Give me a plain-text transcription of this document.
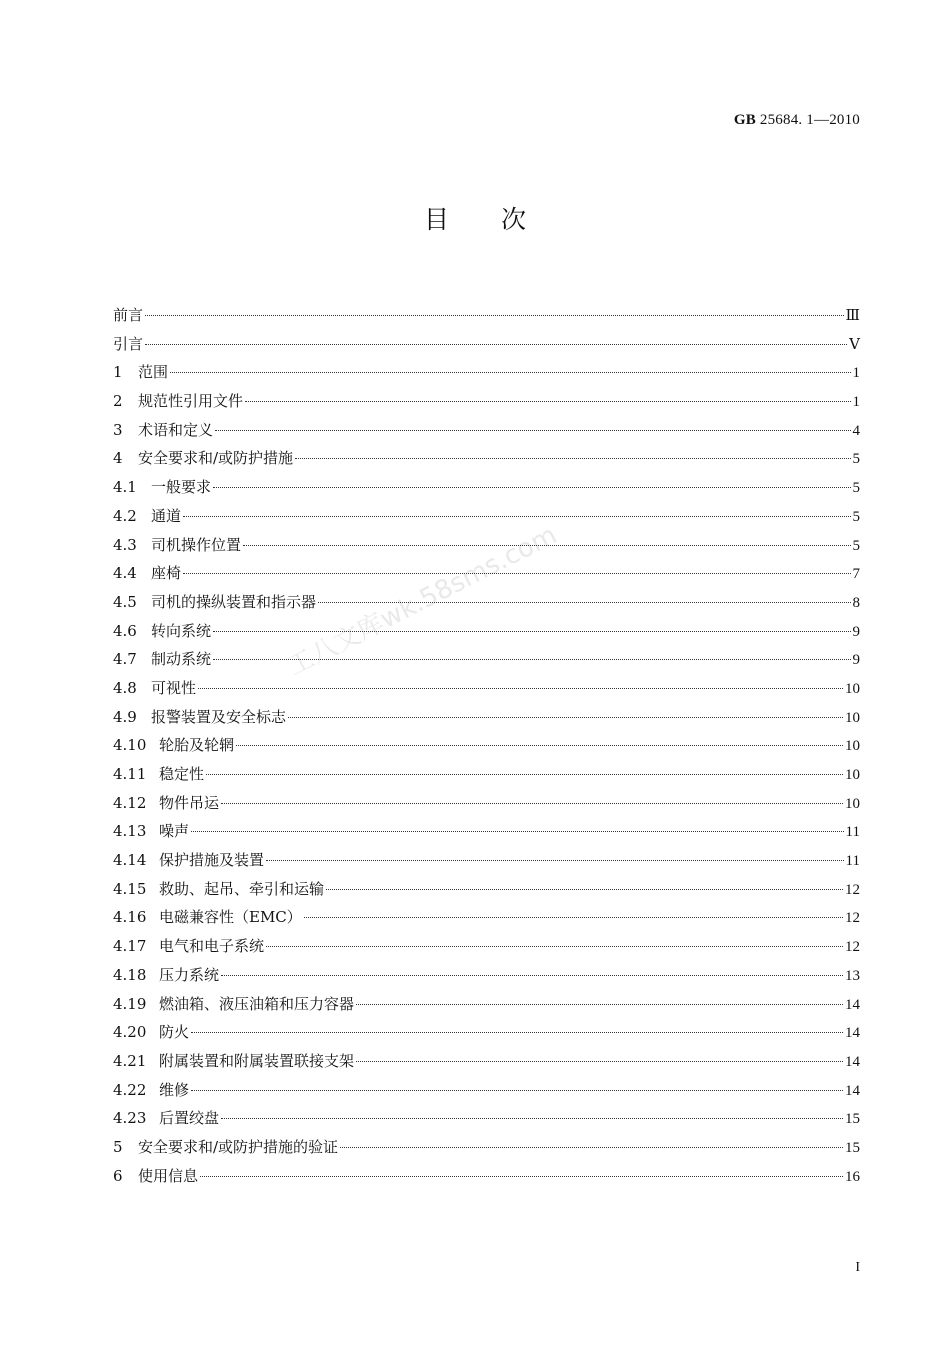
GB 25684. 1—2010
目次
前言	Ⅲ
引言	Ⅴ
1	范围	1
2	规范性引用文件	1
3	术语和定义	4
4	安全要求和/或防护措施	5
4.1 一般要求	5
4.2 通道	5
4.3 司机操作位置	5
4.4 座椅	7
4.5 司机的操纵装置和指示器	8
4.6 转向系统	9
4.7 制动系统	9
4.8 可视性	10
4.9 报警装置及安全标志	10
4.10 轮胎及轮辋	10
4.11 稳定性	10
4.12 物件吊运	10
4.13 噪声	11
4.14 保护措施及装置	11
4.15 救助、起吊、牵引和运输	12
4.16 电磁兼容性（EMC）	12
4.17 电气和电子系统	12
4.18 压力系统	13
4.19 燃油箱、液压油箱和压力容器	14
4.20 防火	14
4.21 附属装置和附属装置联接支架	14
4.22 维修	14
4.23 后置绞盘	15
5	安全要求和/或防护措施的验证	15
6	使用信息	16
工八文库wk.58sms.com
I
